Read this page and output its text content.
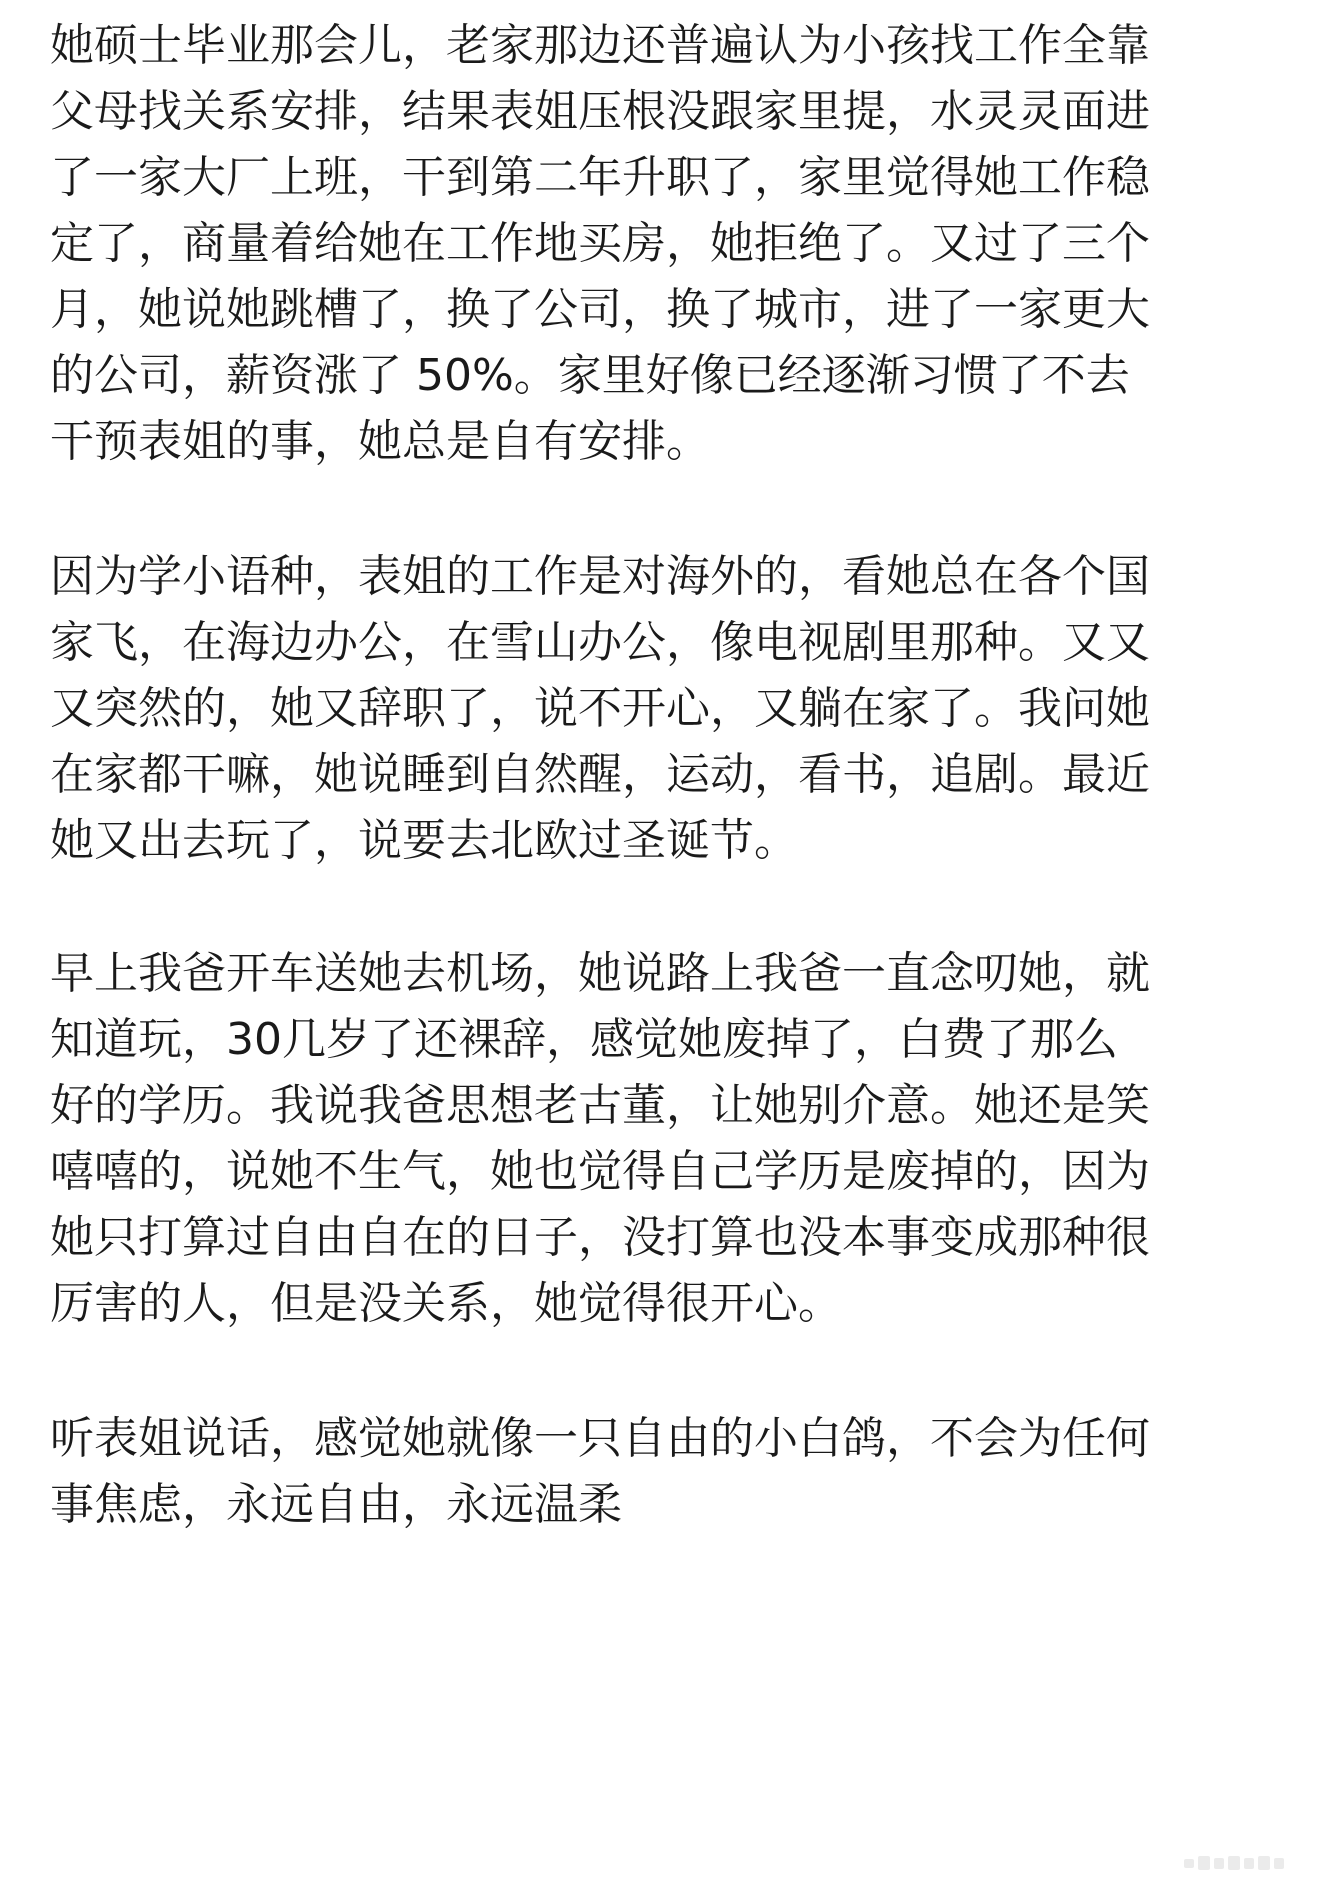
她硕士毕业那会儿，老家那边还普遍认为小孩找工作全靠
父母找关系安排，结果表姐压根没跟家里提，水灵灵面进
了一家大厂上班，干到第二年升职了，家里觉得她工作稳
定了，商量着给她在工作地买房，她拒绝了。又过了三个
月，她说她跳槽了，换了公司，换了城市，进了一家更大
的公司，薪资涨了 50%。家里好像已经逐渐习惯了不去
干预表姐的事，她总是自有安排。
因为学小语种，表姐的工作是对海外的，看她总在各个国
家飞，在海边办公，在雪山办公，像电视剧里那种。又又
又突然的，她又辞职了，说不开心，又躺在家了。我问她
在家都干嘛，她说睡到自然醒，运动，看书，追剧。最近
她又出去玩了，说要去北欧过圣诞节。
早上我爸开车送她去机场，她说路上我爸一直念叨她，就
知道玩，30几岁了还裸辞，感觉她废掉了，白费了那么
好的学历。我说我爸思想老古董，让她别介意。她还是笑
嘻嘻的，说她不生气，她也觉得自己学历是废掉的，因为
她只打算过自由自在的日子，没打算也没本事变成那种很
厉害的人，但是没关系，她觉得很开心。
听表姐说话，感觉她就像一只自由的小白鸽，不会为任何
事焦虑，永远自由，永远温柔
